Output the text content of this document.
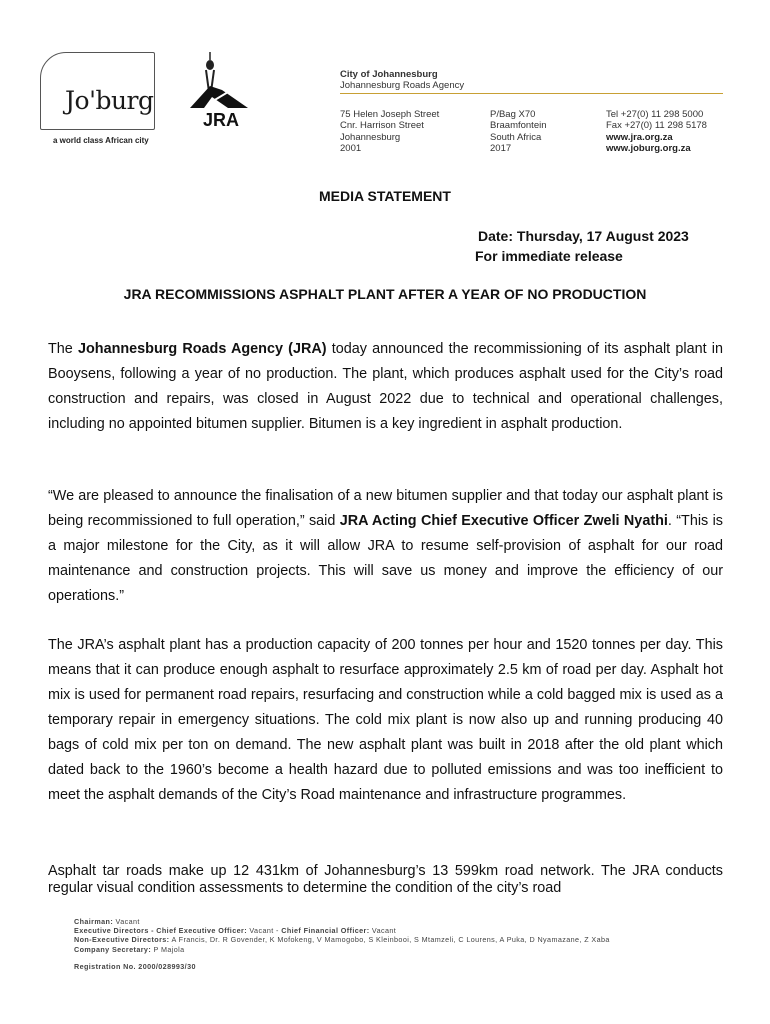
Jo'burg
a world class African city
JRA
City of Johannesburg
Johannesburg Roads Agency
75 Helen Joseph Street
Cnr. Harrison Street
Johannesburg
2001
P/Bag X70
Braamfontein
South Africa
2017
Tel +27(0) 11 298 5000
Fax +27(0) 11 298 5178
www.jra.org.za
www.joburg.org.za
MEDIA STATEMENT
Date: Thursday, 17 August 2023
For immediate release
JRA RECOMMISSIONS ASPHALT PLANT AFTER A YEAR OF NO PRODUCTION
The Johannesburg Roads Agency (JRA) today announced the recommissioning of its asphalt plant in Booysens, following a year of no production. The plant, which produces asphalt used for the City’s road construction and repairs, was closed in August 2022 due to technical and operational challenges, including no appointed bitumen supplier. Bitumen is a key ingredient in asphalt production.
“We are pleased to announce the finalisation of a new bitumen supplier and that today our asphalt plant is being recommissioned to full operation,” said JRA Acting Chief Executive Officer Zweli Nyathi. “This is a major milestone for the City, as it will allow JRA to resume self-provision of asphalt for our road maintenance and construction projects. This will save us money and improve the efficiency of our operations.”
The JRA’s asphalt plant has a production capacity of 200 tonnes per hour and 1520 tonnes per day. This means that it can produce enough asphalt to resurface approximately 2.5 km of road per day. Asphalt hot mix is used for permanent road repairs, resurfacing and construction while a cold bagged mix is used as a temporary repair in emergency situations. The cold mix plant is now also up and running producing 40 bags of cold mix per ton on demand. The new asphalt plant was built in 2018 after the old plant which dated back to the 1960’s become a health hazard due to polluted emissions and was too inefficient to meet the asphalt demands of the City’s Road maintenance and infrastructure programmes.
Asphalt tar roads make up 12 431km of Johannesburg’s 13 599km road network. The JRA conducts regular visual condition assessments to determine the condition of the city’s road
Chairman: Vacant
Executive Directors - Chief Executive Officer: Vacant - Chief Financial Officer: Vacant
Non-Executive Directors: A Francis, Dr. R Govender, K Mofokeng, V Mamogobo, S Kleinbooi, S Mtamzeli, C Lourens, A Puka, D Nyamazane, Z Xaba
Company Secretary: P Majola
Registration No. 2000/028993/30
